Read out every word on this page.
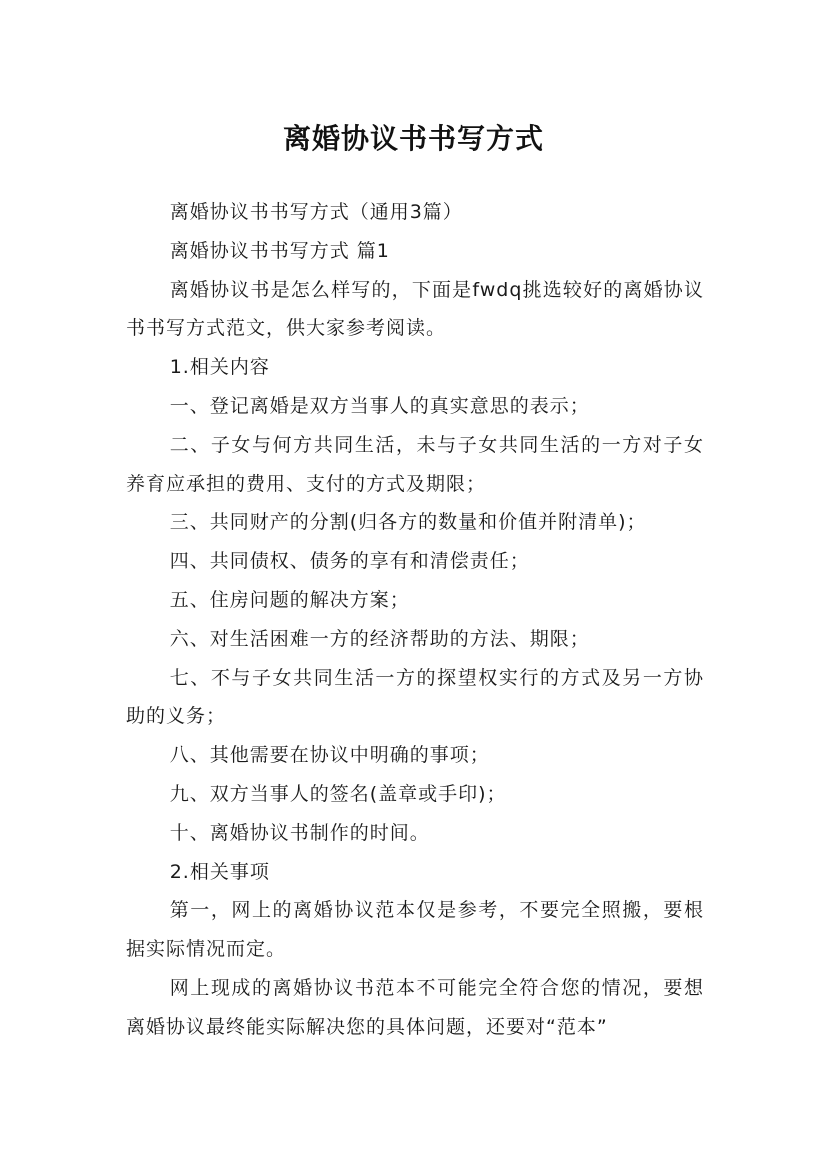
离婚协议书书写方式

离婚协议书书写方式（通用3篇）

离婚协议书书写方式 篇1

离婚协议书是怎么样写的，下面是fwdq挑选较好的离婚协议书书写方式范文，供大家参考阅读。

1.相关内容

一、登记离婚是双方当事人的真实意思的表示；

二、子女与何方共同生活，未与子女共同生活的一方对子女养育应承担的费用、支付的方式及期限；

三、共同财产的分割(归各方的数量和价值并附清单)；

四、共同债权、债务的享有和清偿责任；

五、住房问题的解决方案；

六、对生活困难一方的经济帮助的方法、期限；

七、不与子女共同生活一方的探望权实行的方式及另一方协助的义务；

八、其他需要在协议中明确的事项；

九、双方当事人的签名(盖章或手印)；

十、离婚协议书制作的时间。

2.相关事项

第一，网上的离婚协议范本仅是参考，不要完全照搬，要根据实际情况而定。

网上现成的离婚协议书范本不可能完全符合您的情况，要想离婚协议最终能实际解决您的具体问题，还要对“范本”
